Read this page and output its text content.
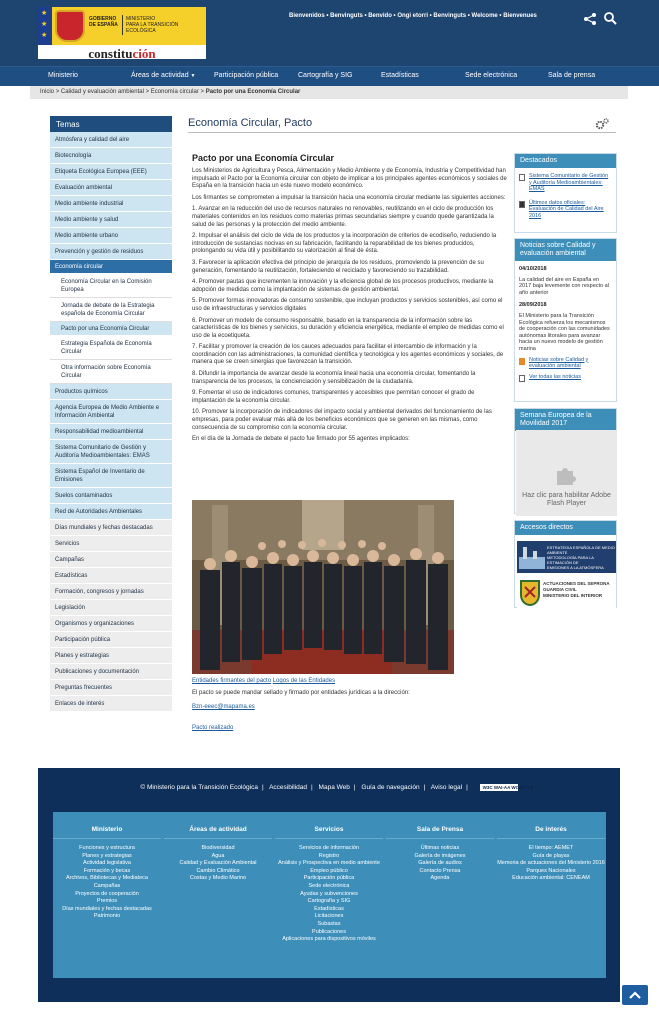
★
★
★
GOBIERNO
DE ESPAÑA
MINISTERIO
PARA LA TRANSICIÓN ECOLÓGICA
constitución
Bienvenidos • Benvinguts • Benvido • Ongi etorri • Benvinguts • Welcome • Bienvenues
Ministerio	Áreas de actividad ▼	Participación pública	Cartografía y SIG	Estadísticas	Sede electrónica	Sala de prensa
Inicio > Calidad y evaluación ambiental > Economía circular > Pacto por una Economía Circular
Temas
Atmósfera y calidad del aire
Biotecnología
Etiqueta Ecológica Europea (EEE)
Evaluación ambiental
Medio ambiente industrial
Medio ambiente y salud
Medio ambiente urbano
Prevención y gestión de residuos
Economía circular
Economía Circular en la Comisión Europea
Jornada de debate de la Estrategia española de Economía Circular
Pacto por una Economía Circular
Estrategia Española de Economía Circular
Otra información sobre Economía Circular
Productos químicos
Agencia Europea de Medio Ambiente e Información Ambiental
Responsabilidad medioambiental
Sistema Comunitario de Gestión y Auditoría Medioambientales: EMAS
Sistema Español de Inventario de Emisiones
Suelos contaminados
Red de Autoridades Ambientales
Días mundiales y fechas destacadas
Servicios
Campañas
Estadísticas
Formación, congresos y jornadas
Legislación
Organismos y organizaciones
Participación pública
Planes y estrategias
Publicaciones y documentación
Preguntas frecuentes
Enlaces de interés
Economía Circular, Pacto
Pacto por una Economía Circular

Los Ministerios de Agricultura y Pesca, Alimentación y Medio Ambiente y de Economía, Industria y Competitividad han impulsado el Pacto por la Economía circular con objeto de implicar a los principales agentes económicos y sociales de España en la transición hacia un este nuevo modelo económico.

Los firmantes se comprometen a impulsar la transición hacia una economía circular mediante las siguientes acciones:

1. Avanzar en la reducción del uso de recursos naturales no renovables, reutilizando en el ciclo de producción los materiales contenidos en los residuos como materias primas secundarias siempre y cuando quede garantizada la salud de las personas y la protección del medio ambiente.

2. Impulsar el análisis del ciclo de vida de los productos y la incorporación de criterios de ecodiseño, reduciendo la introducción de sustancias nocivas en su fabricación, facilitando la reparabilidad de los bienes producidos, prolongando su vida útil y posibilitando su valorización al final de ésta.

3. Favorecer la aplicación efectiva del principio de jerarquía de los residuos, promoviendo la prevención de su generación, fomentando la reutilización, fortaleciendo el reciclado y favoreciendo su trazabilidad.

4. Promover pautas que incrementen la innovación y la eficiencia global de los procesos productivos, mediante la adopción de medidas como la implantación de sistemas de gestión ambiental.

5. Promover formas innovadoras de consumo sostenible, que incluyan productos y servicios sostenibles, así como el uso de infraestructuras y servicios digitales

6. Promover un modelo de consumo responsable, basado en la transparencia de la información sobre las características de los bienes y servicios, su duración y eficiencia energética, mediante el empleo de medidas como el uso de la ecoetiqueta.

7. Facilitar y promover la creación de los cauces adecuados para facilitar el intercambio de información y la coordinación con las administraciones, la comunidad científica y tecnológica y los agentes económicos y sociales, de manera que se creen sinergias que favorezcan la transición.

8. Difundir la importancia de avanzar desde la economía lineal hacia una economía circular, fomentando la transparencia de los procesos, la concienciación y sensibilización de la ciudadanía.

9. Fomentar el uso de indicadores comunes, transparentes y accesibles que permitan conocer el grado de implantación de la economía circular.

10. Promover la incorporación de indicadores del impacto social y ambiental derivados del funcionamiento de las empresas, para poder evaluar más allá de los beneficios económicos que se generen en las mismas, como consecuencia de su compromiso con la economía circular.

En el día de la Jornada de debate el pacto fue firmado por 55 agentes implicados:

Entidades firmantes del pacto Logos de las Entidades

El pacto se puede mandar sellado y firmado por entidades jurídicas a la dirección:

Bzn-eeec@mapama.es

Pacto realizado

Destacados
Sistema Comunitario de Gestión y Auditoría Medioambientales: EMAS
Últimos datos oficiales: Evaluación de Calidad del Aire 2016
Noticias sobre Calidad y evaluación ambiental
04/10/2018
La calidad del aire en España en 2017 baja levemente con respecto al año anterior
28/09/2018
El Ministerio para la Transición Ecológica refuerza los mecanismos de cooperación con las comunidades autónomas litorales para avanzar hacia un nuevo modelo de gestión marina
Noticias sobre Calidad y evaluación ambiental
Ver todas las noticias
Semana Europea de la Movilidad 2017
Haz clic para habilitar Adobe Flash Player
Accesos directos
ESTRATEGIA ESPAÑOLA DE MEDIO AMBIENTE
METODOLOGÍA PARA LA ESTIMACIÓN DE
EMISIONES A LA ATMÓSFERA
ACTUACIONES DEL SEPRONA
GUARDIA CIVIL
MINISTERIO DEL INTERIOR
© Ministerio para la Transición Ecológica | Accesibilidad | Mapa Web | Guía de navegación | Aviso legal |	W3C WAI-AA WCAG 2.0
Ministerio
Funciones y estructura
Planes y estrategias
Actividad legislativa
Formación y becas
Archivos, Bibliotecas y Mediateca
Campañas
Proyectos de cooperación
Premios
Días mundiales y fechas destacadas
Patrimonio
Áreas de actividad
Biodiversidad
Agua
Calidad y Evaluación Ambiental
Cambio Climático
Costas y Medio Marino
Servicios
Servicios de información
Registro
Análisis y Prospectiva en medio ambiente
Empleo público
Participación pública
Sede electrónica
Ayudas y subvenciones
Cartografía y SIG
Estadísticas
Licitaciones
Subastas
Publicaciones
Aplicaciones para dispositivos móviles
Sala de Prensa
Últimas noticias
Galería de imágenes
Galería de audios
Contacto Prensa
Agenda
De interés
El tiempo: AEMET
Guía de playas
Memoria de actuaciones del Ministerio 2016
Parques Nacionales
Educación ambiental: CENEAM
